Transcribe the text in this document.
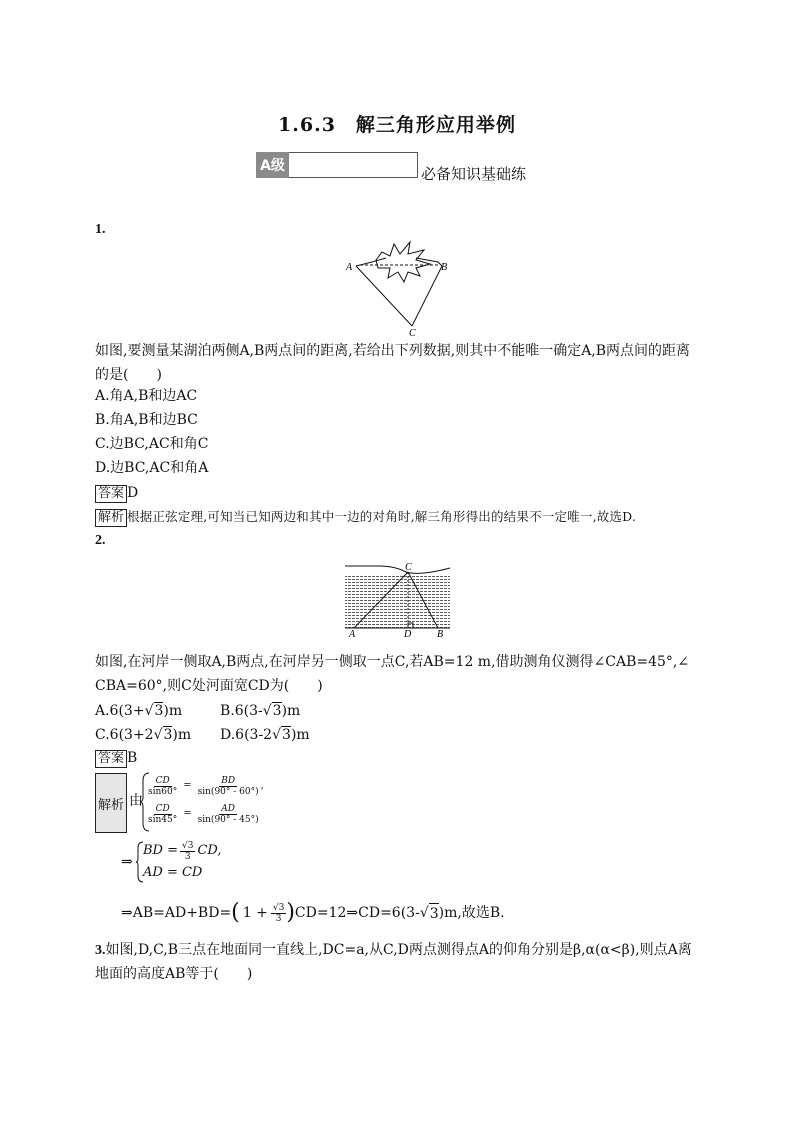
1.6.3　解三角形应用举例
A级	必备知识基础练
1.
A	B
C
如图,要测量某湖泊两侧A,B两点间的距离,若给出下列数据,则其中不能唯一确定A,B两点间的距离的是(　　)
A.角A,B和边AC
B.角A,B和边BC
C.边BC,AC和角C
D.边BC,AC和角A
答案 D
解析 根据正弦定理,可知当已知两边和其中一边的对角时,解三角形得出的结果不一定唯一,故选D.
2.
C
A	D	B
如图,在河岸一侧取A,B两点,在河岸另一侧取一点C,若AB=12 m,借助测角仪测得∠CAB=45°,∠
CBA=60°,则C处河面宽CD为(　　)
A.6(3+√3)m	B.6(3-√3)m
C.6(3+2√3)m D.6(3-2√3)m
答案 B
解析 由
$\frac{CD}{\sin 60^\circ} = \frac{BD}{\sin(90^\circ - 60^\circ)}$ ,
$\frac{CD}{\sin 45^\circ} = \frac{AD}{\sin(90^\circ - 45^\circ)}$
⇒
BD = $\frac{√3}{3}$ CD,
AD = CD
⇒AB=AD+BD= ( $1 + \frac{√3}{3}$ ) CD=12⇒CD=6(3- √ 3 )m,故选B.
3.如图,D,C,B三点在地面同一直线上,DC=a,从C,D两点测得点A的仰角分别是β,α(α<β),则点A离
地面的高度AB等于(　　)
